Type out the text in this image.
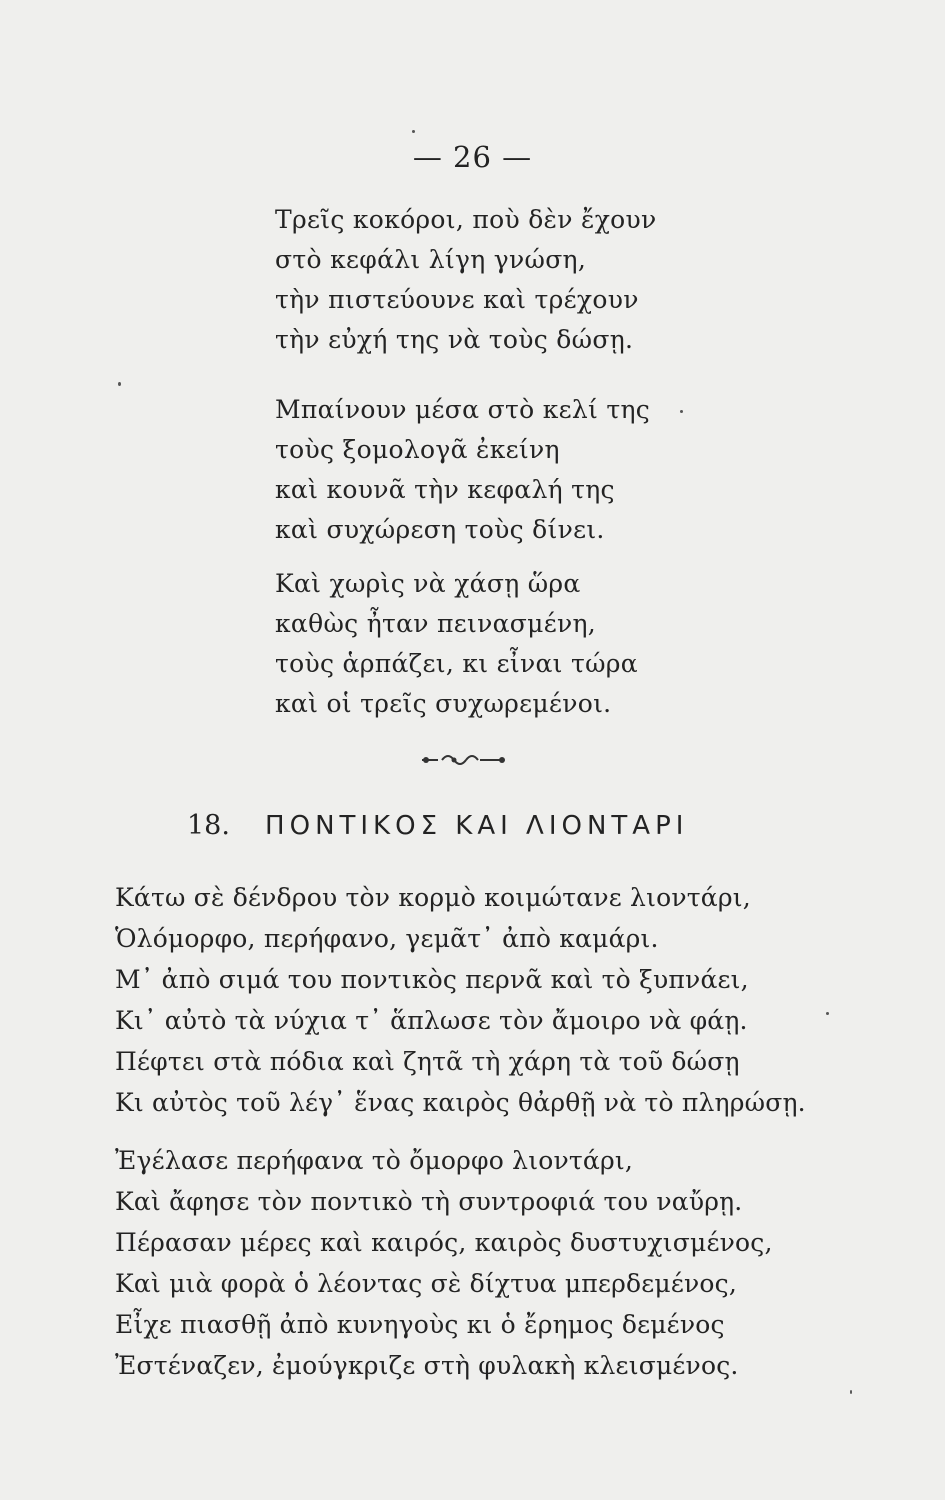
— 26 —
Τρεῖς κοκόροι, ποὺ δὲν ἔχουν
στὸ κεφάλι λίγη γνώση,
τὴν πιστεύουνε καὶ τρέχουν
τὴν εὐχή της νὰ τοὺς δώσῃ.
Μπαίνουν μέσα στὸ κελί της
τοὺς ξομολογᾶ ἐκείνη
καὶ κουνᾶ τὴν κεφαλή της
καὶ συχώρεση τοὺς δίνει.
Καὶ χωρὶς νὰ χάσῃ ὥρα
καθὼς ἦταν πεινασμένη,
τοὺς ἁρπάζει, κι εἶναι τώρα
καὶ οἱ τρεῖς συχωρεμένοι.
18. ΠΟΝΤΙΚΟΣ ΚΑΙ ΛΙΟΝΤΑΡΙ
Κάτω σὲ δένδρου τὸν κορμὸ κοιμώτανε λιοντάρι,
Ὁλόμορφο, περήφανο, γεμᾶτ᾽ ἀπὸ καμάρι.
Μ᾽ ἀπὸ σιμά του ποντικὸς περνᾶ καὶ τὸ ξυπνάει,
Κι᾽ αὐτὸ τὰ νύχια τ᾽ ἅπλωσε τὸν ἄμοιρο νὰ φάῃ.
Πέφτει στὰ πόδια καὶ ζητᾶ τὴ χάρη τὰ τοῦ δώσῃ
Κι αὐτὸς τοῦ λέγ᾽ ἕνας καιρὸς θἀρθῇ νὰ τὸ πληρώσῃ.
Ἐγέλασε περήφανα τὸ ὄμορφο λιοντάρι,
Καὶ ἄφησε τὸν ποντικὸ τὴ συντροφιά του ναὔρῃ.
Πέρασαν μέρες καὶ καιρός, καιρὸς δυστυχισμένος,
Καὶ μιὰ φορὰ ὁ λέοντας σὲ δίχτυα μπερδεμένος,
Εἶχε πιασθῇ ἀπὸ κυνηγοὺς κι ὁ ἔρημος δεμένος
Ἐστέναζεν, ἐμούγκριζε στὴ φυλακὴ κλεισμένος.
